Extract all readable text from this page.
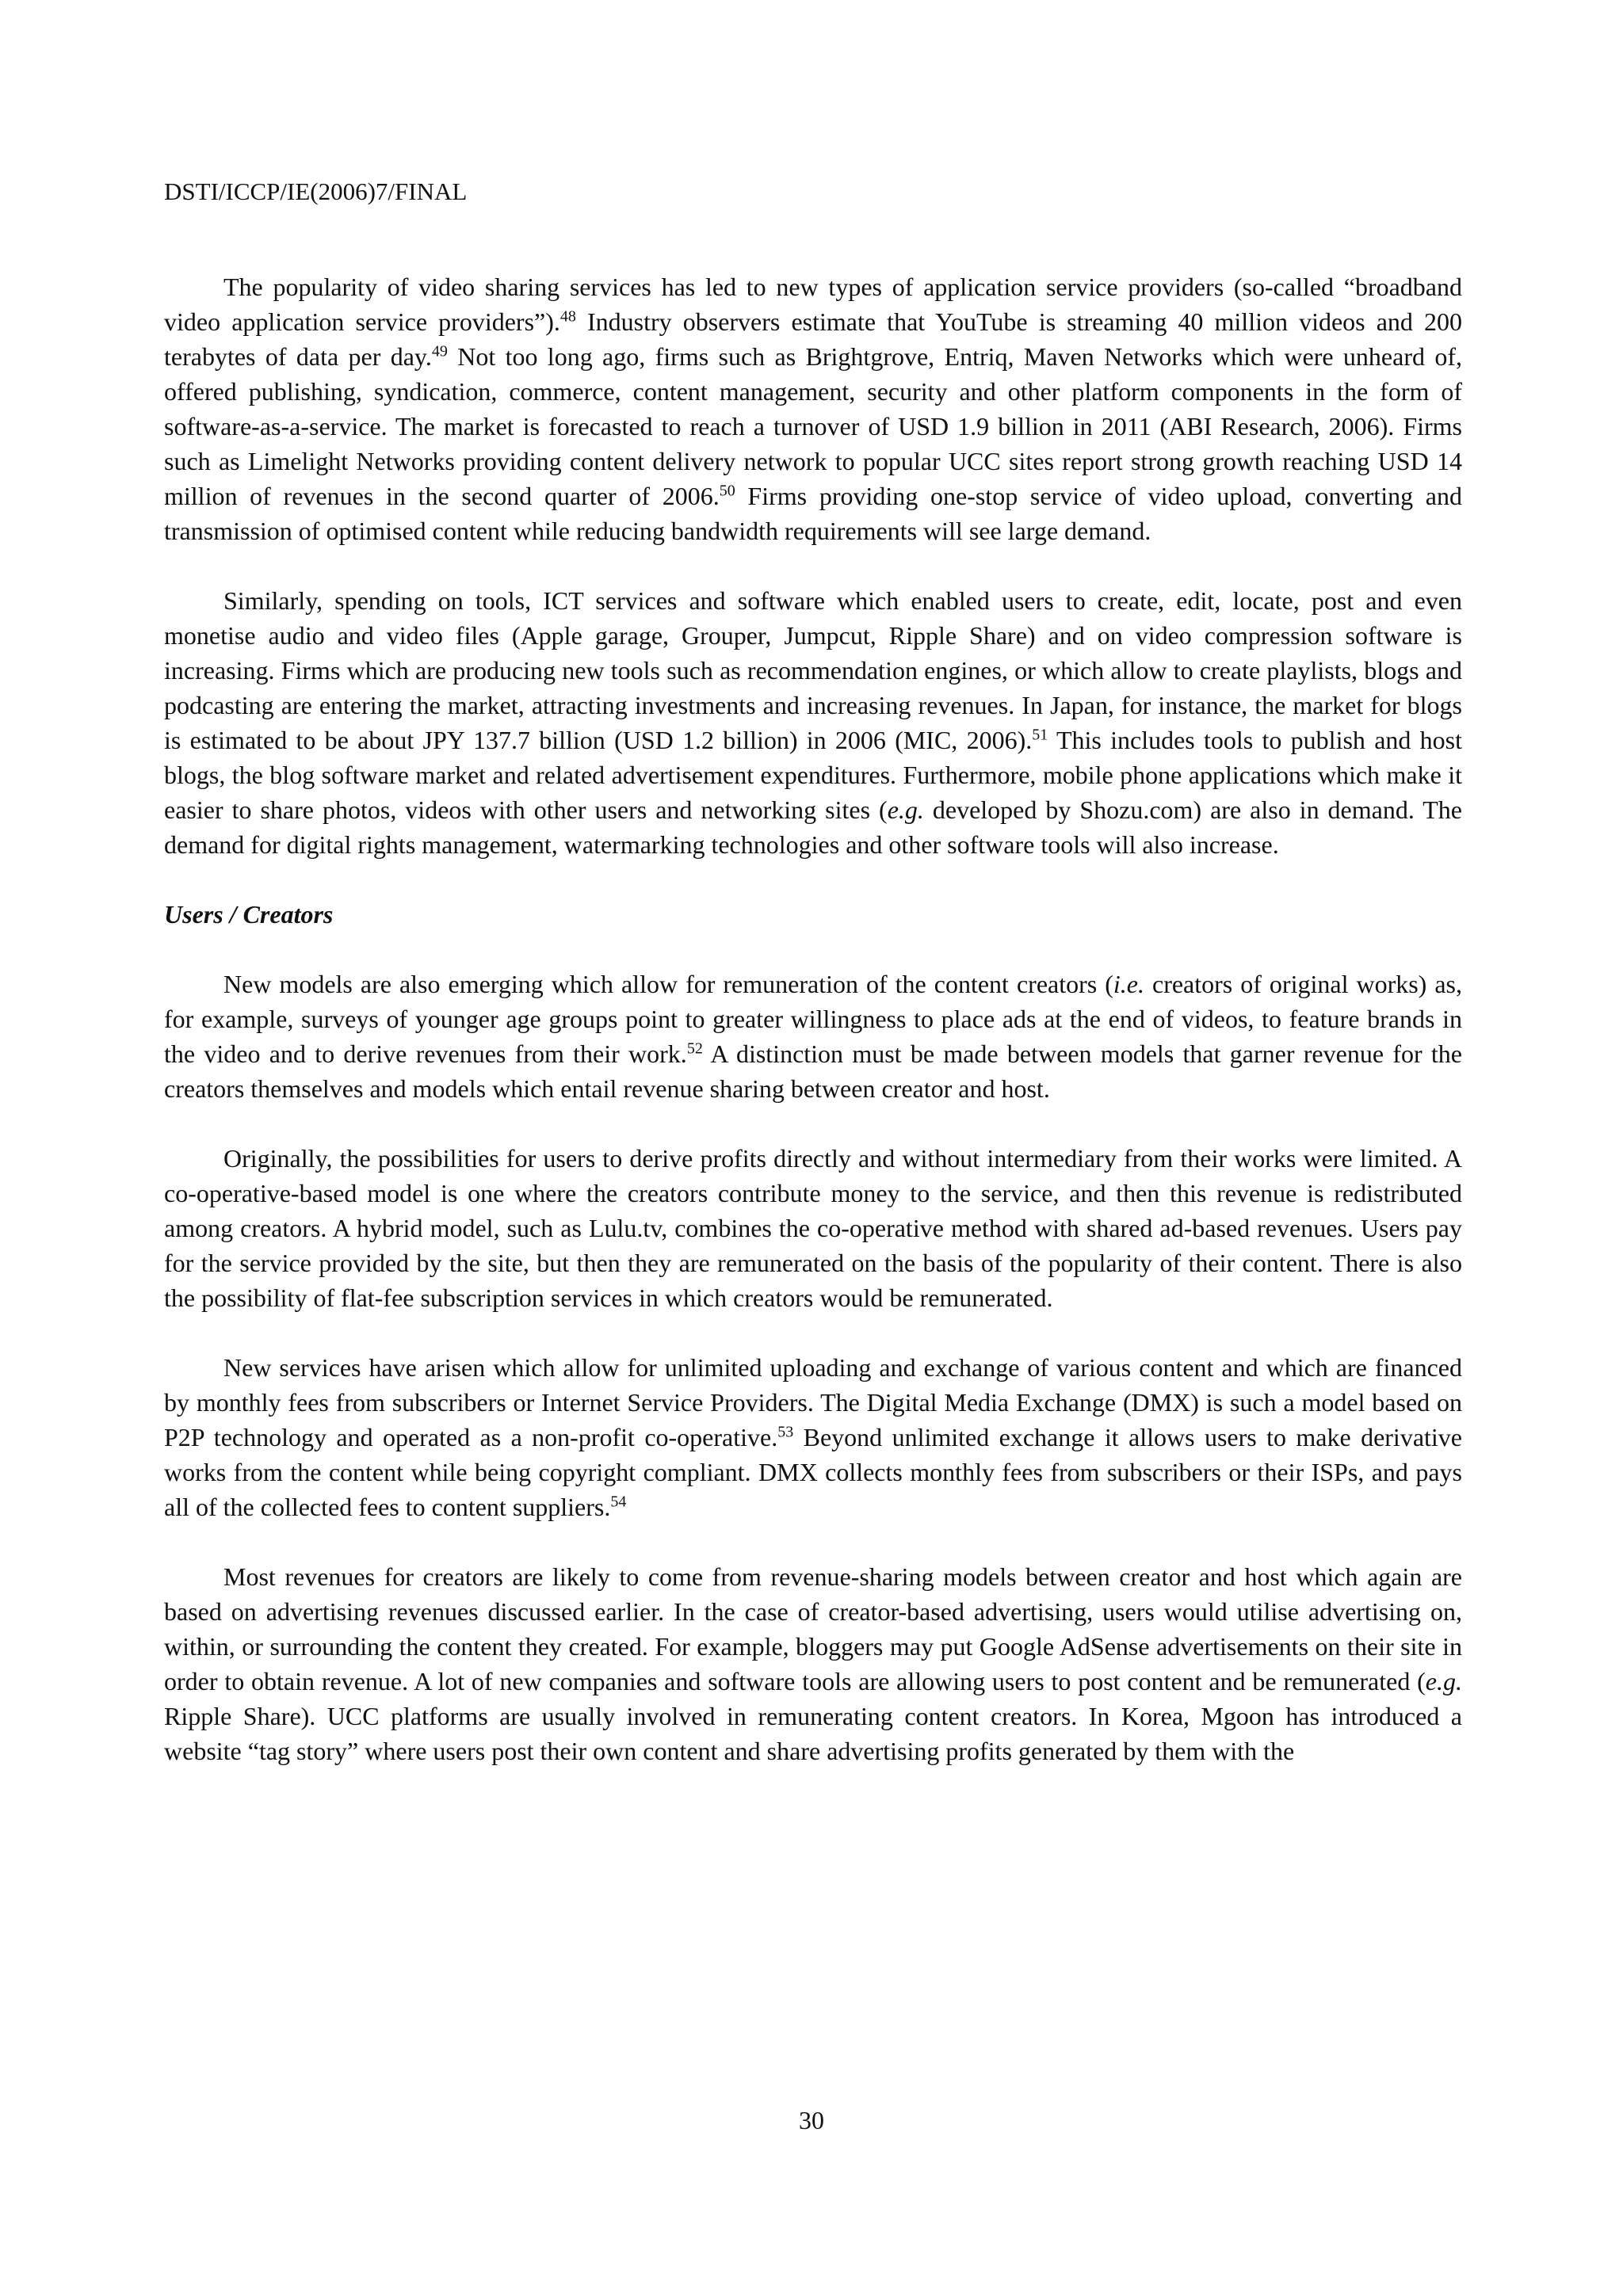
DSTI/ICCP/IE(2006)7/FINAL

The popularity of video sharing services has led to new types of application service providers (so-called “broadband video application service providers”).$^{48}$ Industry observers estimate that YouTube is streaming 40 million videos and 200 terabytes of data per day.$^{49}$ Not too long ago, firms such as Brightgrove, Entriq, Maven Networks which were unheard of, offered publishing, syndication, commerce, content management, security and other platform components in the form of software-as-a-service. The market is forecasted to reach a turnover of USD 1.9 billion in 2011 (ABI Research, 2006). Firms such as Limelight Networks providing content delivery network to popular UCC sites report strong growth reaching USD 14 million of revenues in the second quarter of 2006.50 Firms providing one-stop service of video upload, converting and transmission of optimised content while reducing bandwidth requirements will see large demand.

Similarly, spending on tools, ICT services and software which enabled users to create, edit, locate, post and even monetise audio and video files (Apple garage, Grouper, Jumpcut, Ripple Share) and on video compression software is increasing. Firms which are producing new tools such as recommendation engines, or which allow to create playlists, blogs and podcasting are entering the market, attracting investments and increasing revenues. In Japan, for instance, the market for blogs is estimated to be about JPY 137.7 billion (USD 1.2 billion) in 2006 (MIC, 2006).$^{51}$ This includes tools to publish and host blogs, the blog software market and related advertisement expenditures. Furthermore, mobile phone applications which make it easier to share photos, videos with other users and networking sites (e.g. developed by Shozu.com) are also in demand. The demand for digital rights management, watermarking technologies and other software tools will also increase.

Users / Creators

New models are also emerging which allow for remuneration of the content creators (i.e. creators of original works) as, for example, surveys of younger age groups point to greater willingness to place ads at the end of videos, to feature brands in the video and to derive revenues from their work.$^{52}$ A distinction must be made between models that garner revenue for the creators themselves and models which entail revenue sharing between creator and host.

Originally, the possibilities for users to derive profits directly and without intermediary from their works were limited. A co-operative-based model is one where the creators contribute money to the service, and then this revenue is redistributed among creators. A hybrid model, such as Lulu.tv, combines the co-operative method with shared ad-based revenues. Users pay for the service provided by the site, but then they are remunerated on the basis of the popularity of their content. There is also the possibility of flat-fee subscription services in which creators would be remunerated.

New services have arisen which allow for unlimited uploading and exchange of various content and which are financed by monthly fees from subscribers or Internet Service Providers. The Digital Media Exchange (DMX) is such a model based on P2P technology and operated as a non-profit co-operative.$^{53}$ Beyond unlimited exchange it allows users to make derivative works from the content while being copyright compliant. DMX collects monthly fees from subscribers or their ISPs, and pays all of the collected fees to content suppliers.$^{54}$

Most revenues for creators are likely to come from revenue-sharing models between creator and host which again are based on advertising revenues discussed earlier. In the case of creator-based advertising, users would utilise advertising on, within, or surrounding the content they created. For example, bloggers may put Google AdSense advertisements on their site in order to obtain revenue. A lot of new companies and software tools are allowing users to post content and be remunerated (e.g. Ripple Share). UCC platforms are usually involved in remunerating content creators. In Korea, Mgoon has introduced a website “tag story” where users post their own content and share advertising profits generated by them with the

30
